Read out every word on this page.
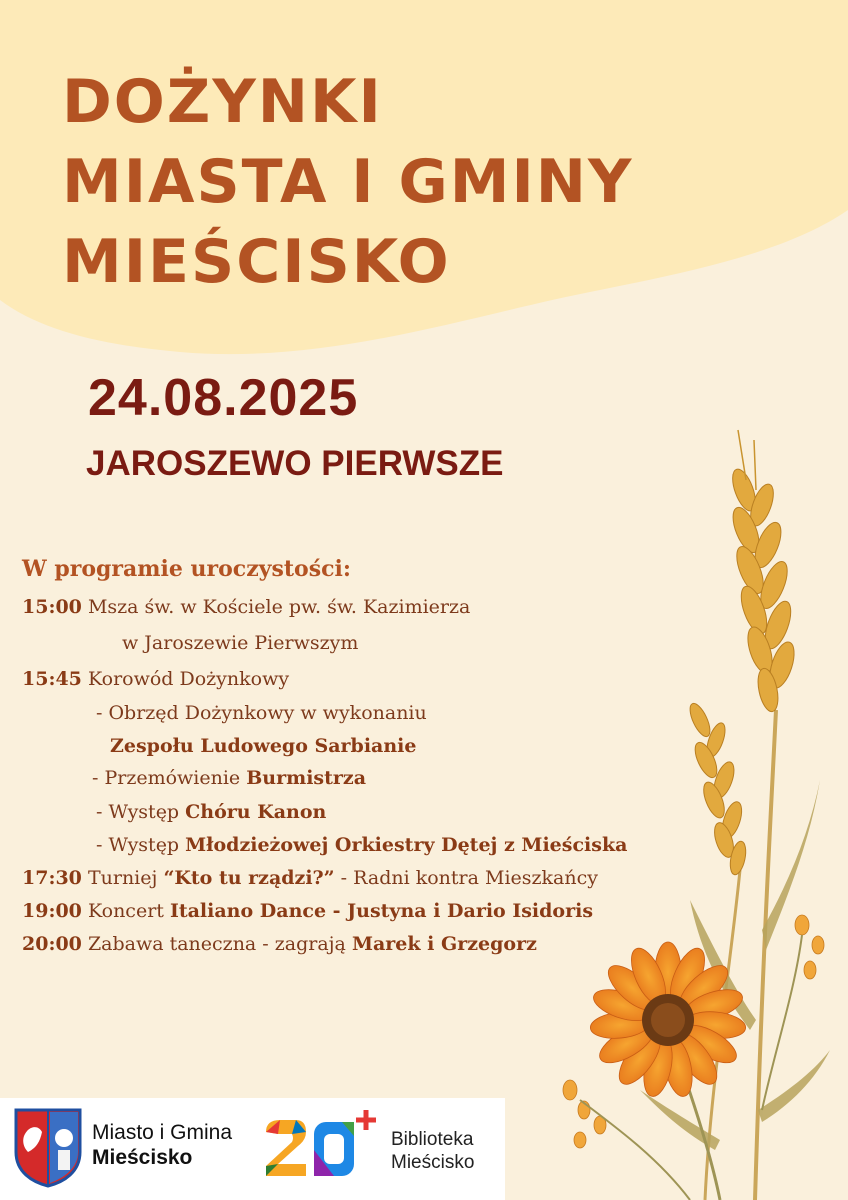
DOŻYNKI
MIASTA I GMINY
MIEŚCISKO
24.08.2025
JAROSZEWO PIERWSZE
W programie uroczystości:
15:00 Msza św. w Kościele pw. św. Kazimierza
w Jaroszewie Pierwszym
15:45 Korowód Dożynkowy
- Obrzęd Dożynkowy w wykonaniu
Zespołu Ludowego Sarbianie
- Przemówienie Burmistrza
- Występ Chóru Kanon
- Występ Młodzieżowej Orkiestry Dętej z Mieściska
17:30 Turniej “Kto tu rządzi?” - Radni kontra Mieszkańcy
19:00 Koncert Italiano Dance - Justyna i Dario Isidoris
20:00 Zabawa taneczna - zagrają Marek i Grzegorz
Miasto i Gmina
Mieścisko
Biblioteka
Mieścisko
